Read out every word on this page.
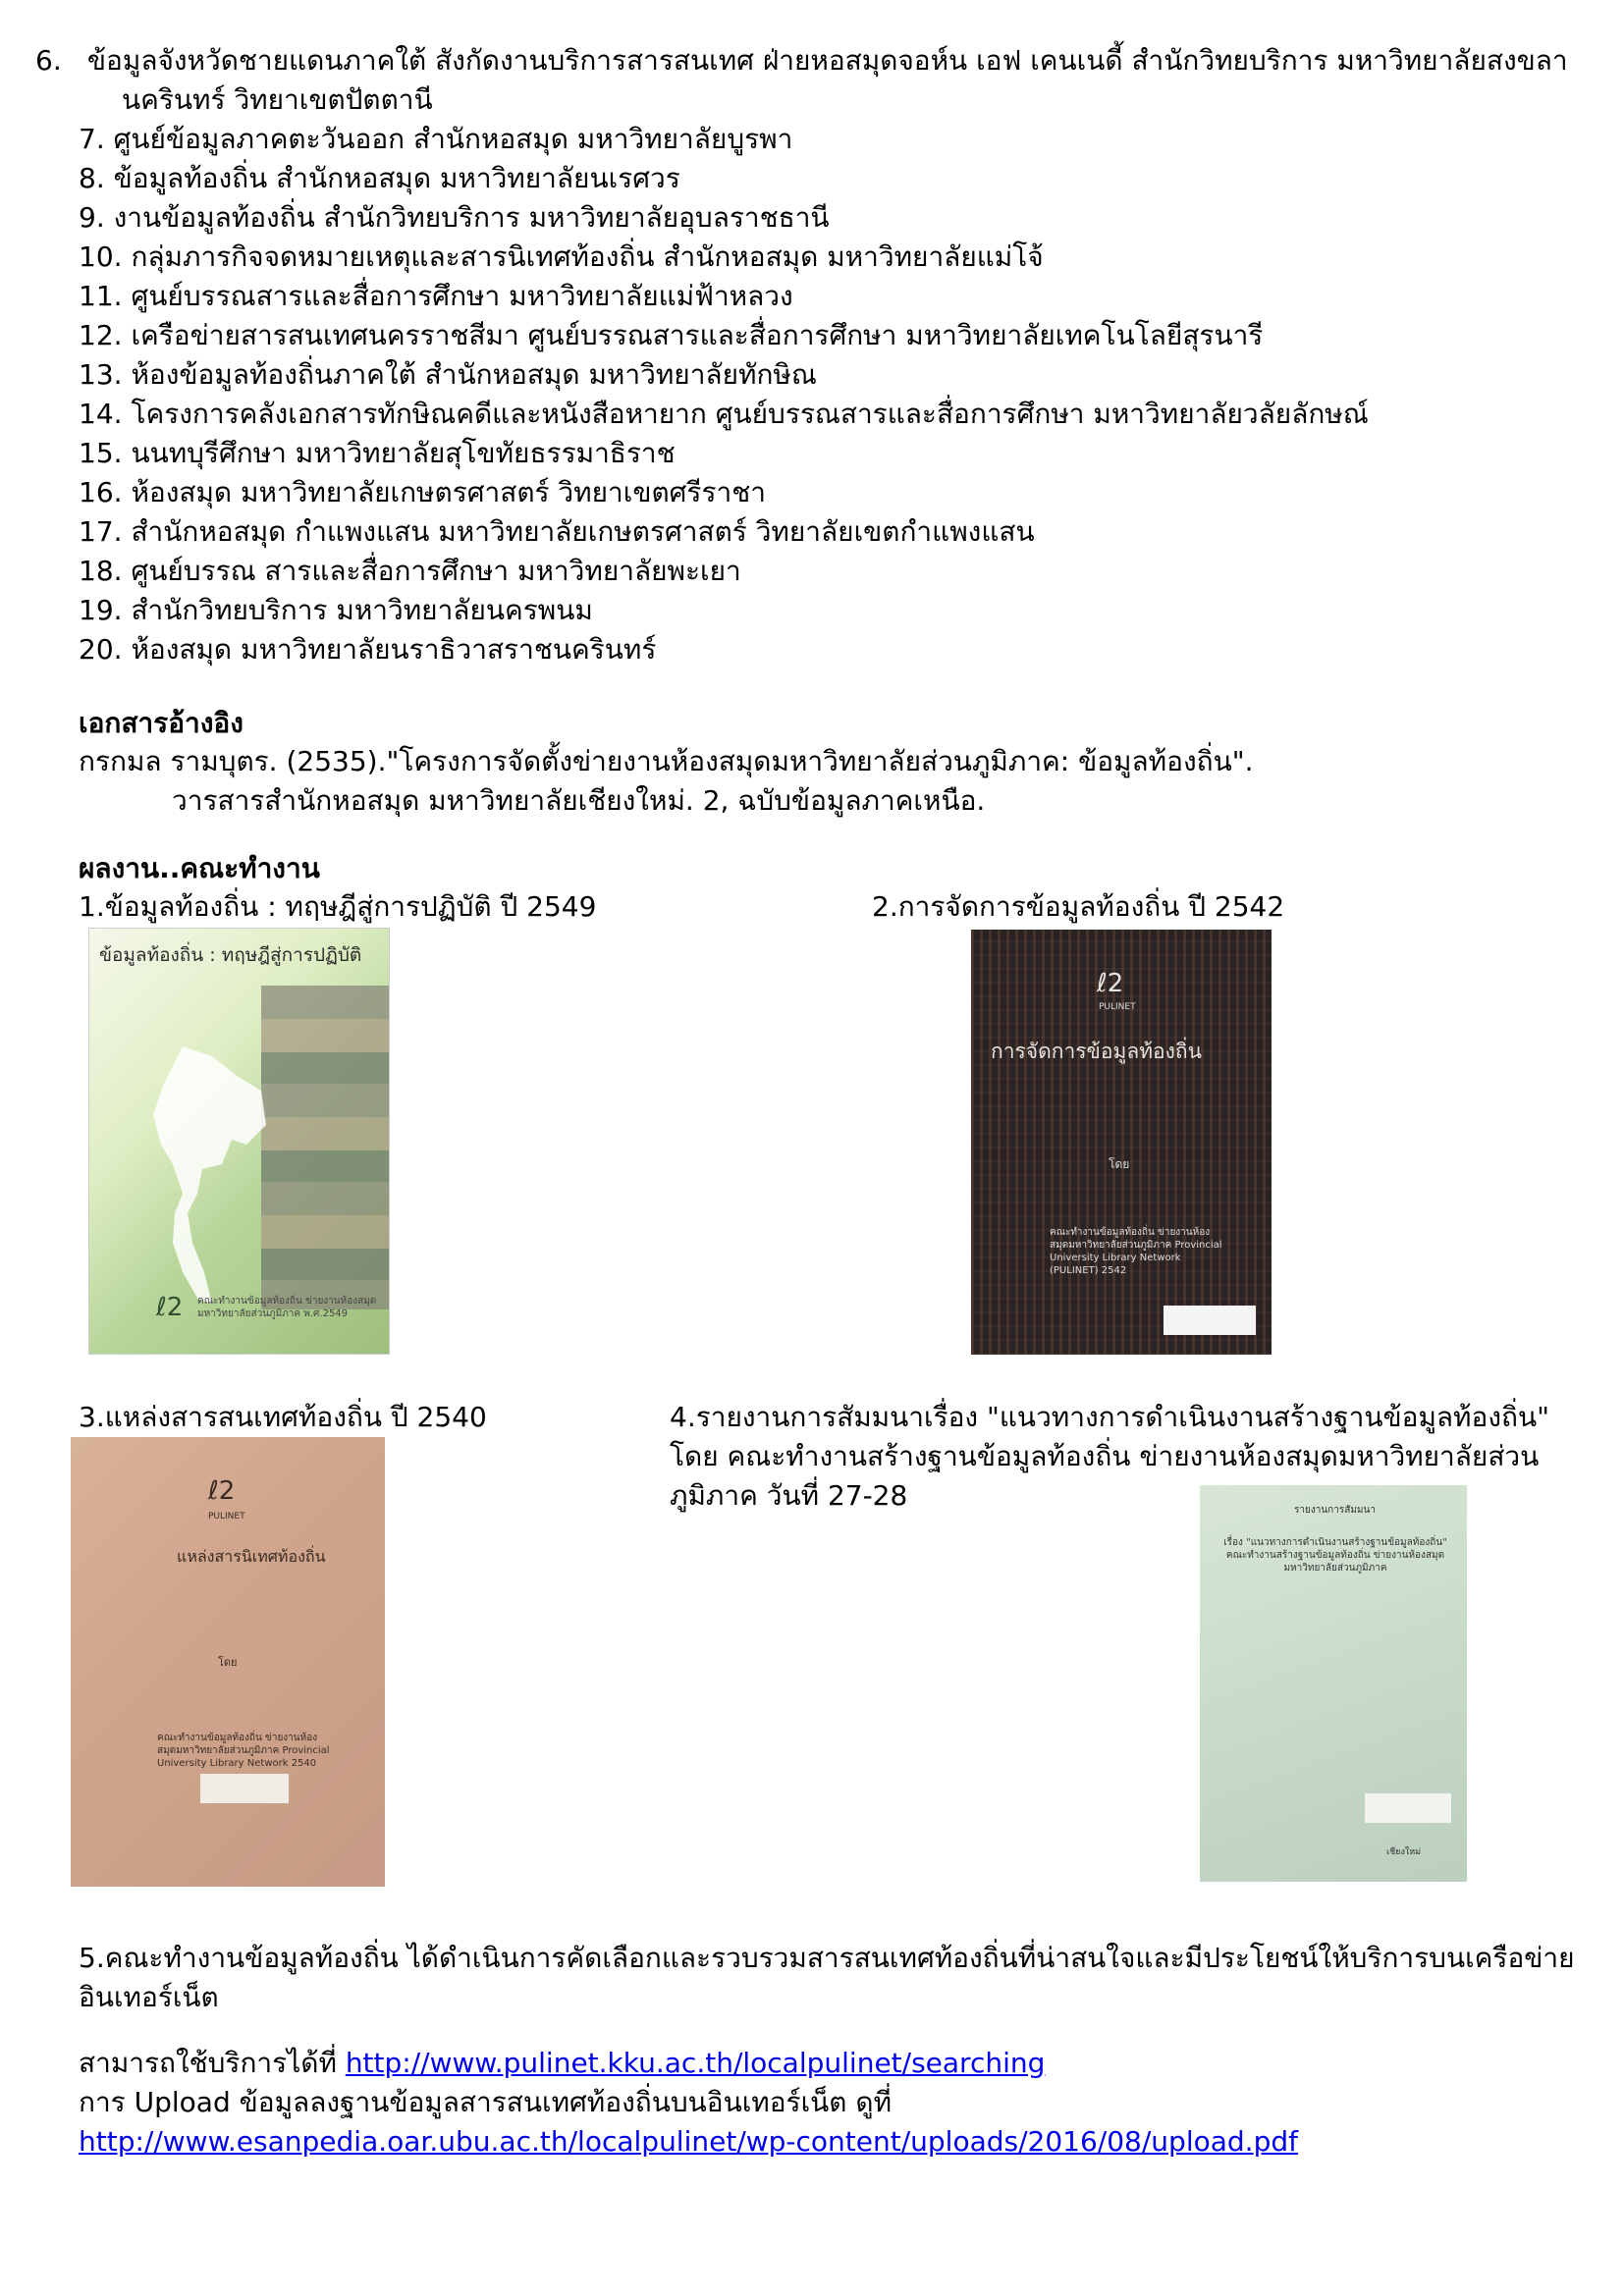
6. ข้อมูลจังหวัดชายแดนภาคใต้ สังกัดงานบริการสารสนเทศ ฝ่ายหอสมุดจอห์น เอฟ เคนเนดี้ สำนักวิทยบริการ มหาวิทยาลัยสงขลานครินทร์ วิทยาเขตปัตตานี
7. ศูนย์ข้อมูลภาคตะวันออก สำนักหอสมุด มหาวิทยาลัยบูรพา
8. ข้อมูลท้องถิ่น สำนักหอสมุด มหาวิทยาลัยนเรศวร
9. งานข้อมูลท้องถิ่น สำนักวิทยบริการ มหาวิทยาลัยอุบลราชธานี
10. กลุ่มภารกิจจดหมายเหตุและสารนิเทศท้องถิ่น สำนักหอสมุด มหาวิทยาลัยแม่โจ้
11. ศูนย์บรรณสารและสื่อการศึกษา มหาวิทยาลัยแม่ฟ้าหลวง
12. เครือข่ายสารสนเทศนครราชสีมา ศูนย์บรรณสารและสื่อการศึกษา มหาวิทยาลัยเทคโนโลยีสุรนารี
13. ห้องข้อมูลท้องถิ่นภาคใต้ สำนักหอสมุด มหาวิทยาลัยทักษิณ
14. โครงการคลังเอกสารทักษิณคดีและหนังสือหายาก ศูนย์บรรณสารและสื่อการศึกษา มหาวิทยาลัยวลัยลักษณ์
15. นนทบุรีศึกษา มหาวิทยาลัยสุโขทัยธรรมาธิราช
16. ห้องสมุด มหาวิทยาลัยเกษตรศาสตร์ วิทยาเขตศรีราชา
17. สำนักหอสมุด กำแพงแสน มหาวิทยาลัยเกษตรศาสตร์ วิทยาลัยเขตกำแพงแสน
18. ศูนย์บรรณ สารและสื่อการศึกษา มหาวิทยาลัยพะเยา
19. สำนักวิทยบริการ มหาวิทยาลัยนครพนม
20. ห้องสมุด มหาวิทยาลัยนราธิวาสราชนครินทร์
เอกสารอ้างอิง
กรกมล รามบุตร. (2535)."โครงการจัดตั้งข่ายงานห้องสมุดมหาวิทยาลัยส่วนภูมิภาค: ข้อมูลท้องถิ่น".
วารสารสำนักหอสมุด มหาวิทยาลัยเชียงใหม่. 2, ฉบับข้อมูลภาคเหนือ.
ผลงาน..คณะทำงาน
1.ข้อมูลท้องถิ่น : ทฤษฎีสู่การปฏิบัติ ปี 2549	2.การจัดการข้อมูลท้องถิ่น ปี 2542
ข้อมูลท้องถิ่น : ทฤษฎีสู่การปฏิบัติ
ℓ2 คณะทำงานข้อมูลท้องถิ่น ข่ายงานห้องสมุดมหาวิทยาลัยส่วนภูมิภาค พ.ศ.2549
ℓ2
PULINET
การจัดการข้อมูลท้องถิ่น
โดย
คณะทำงานข้อมูลท้องถิ่น ข่ายงานห้องสมุดมหาวิทยาลัยส่วนภูมิภาค Provincial University Library Network (PULINET) 2542
3.แหล่งสารสนเทศท้องถิ่น ปี 2540	4.รายงานการสัมมนาเรื่อง "แนวทางการดำเนินงานสร้างฐานข้อมูลท้องถิ่น" โดย คณะทำงานสร้างฐานข้อมูลท้องถิ่น ข่ายงานห้องสมุดมหาวิทยาลัยส่วนภูมิภาค วันที่ 27-28
ℓ2
PULINET
แหล่งสารนิเทศท้องถิ่น
โดย
คณะทำงานข้อมูลท้องถิ่น ข่ายงานห้องสมุดมหาวิทยาลัยส่วนภูมิภาค Provincial University Library Network 2540
รายงานการสัมมนา
เรื่อง "แนวทางการดำเนินงานสร้างฐานข้อมูลท้องถิ่น" คณะทำงานสร้างฐานข้อมูลท้องถิ่น ข่ายงานห้องสมุดมหาวิทยาลัยส่วนภูมิภาค
เชียงใหม่
5.คณะทำงานข้อมูลท้องถิ่น ได้ดำเนินการคัดเลือกและรวบรวมสารสนเทศท้องถิ่นที่น่าสนใจและมีประโยชน์ให้บริการบนเครือข่ายอินเทอร์เน็ต
สามารถใช้บริการได้ที่ http://www.pulinet.kku.ac.th/localpulinet/searching
การ Upload ข้อมูลลงฐานข้อมูลสารสนเทศท้องถิ่นบนอินเทอร์เน็ต ดูที่
http://www.esanpedia.oar.ubu.ac.th/localpulinet/wp-content/uploads/2016/08/upload.pdf
